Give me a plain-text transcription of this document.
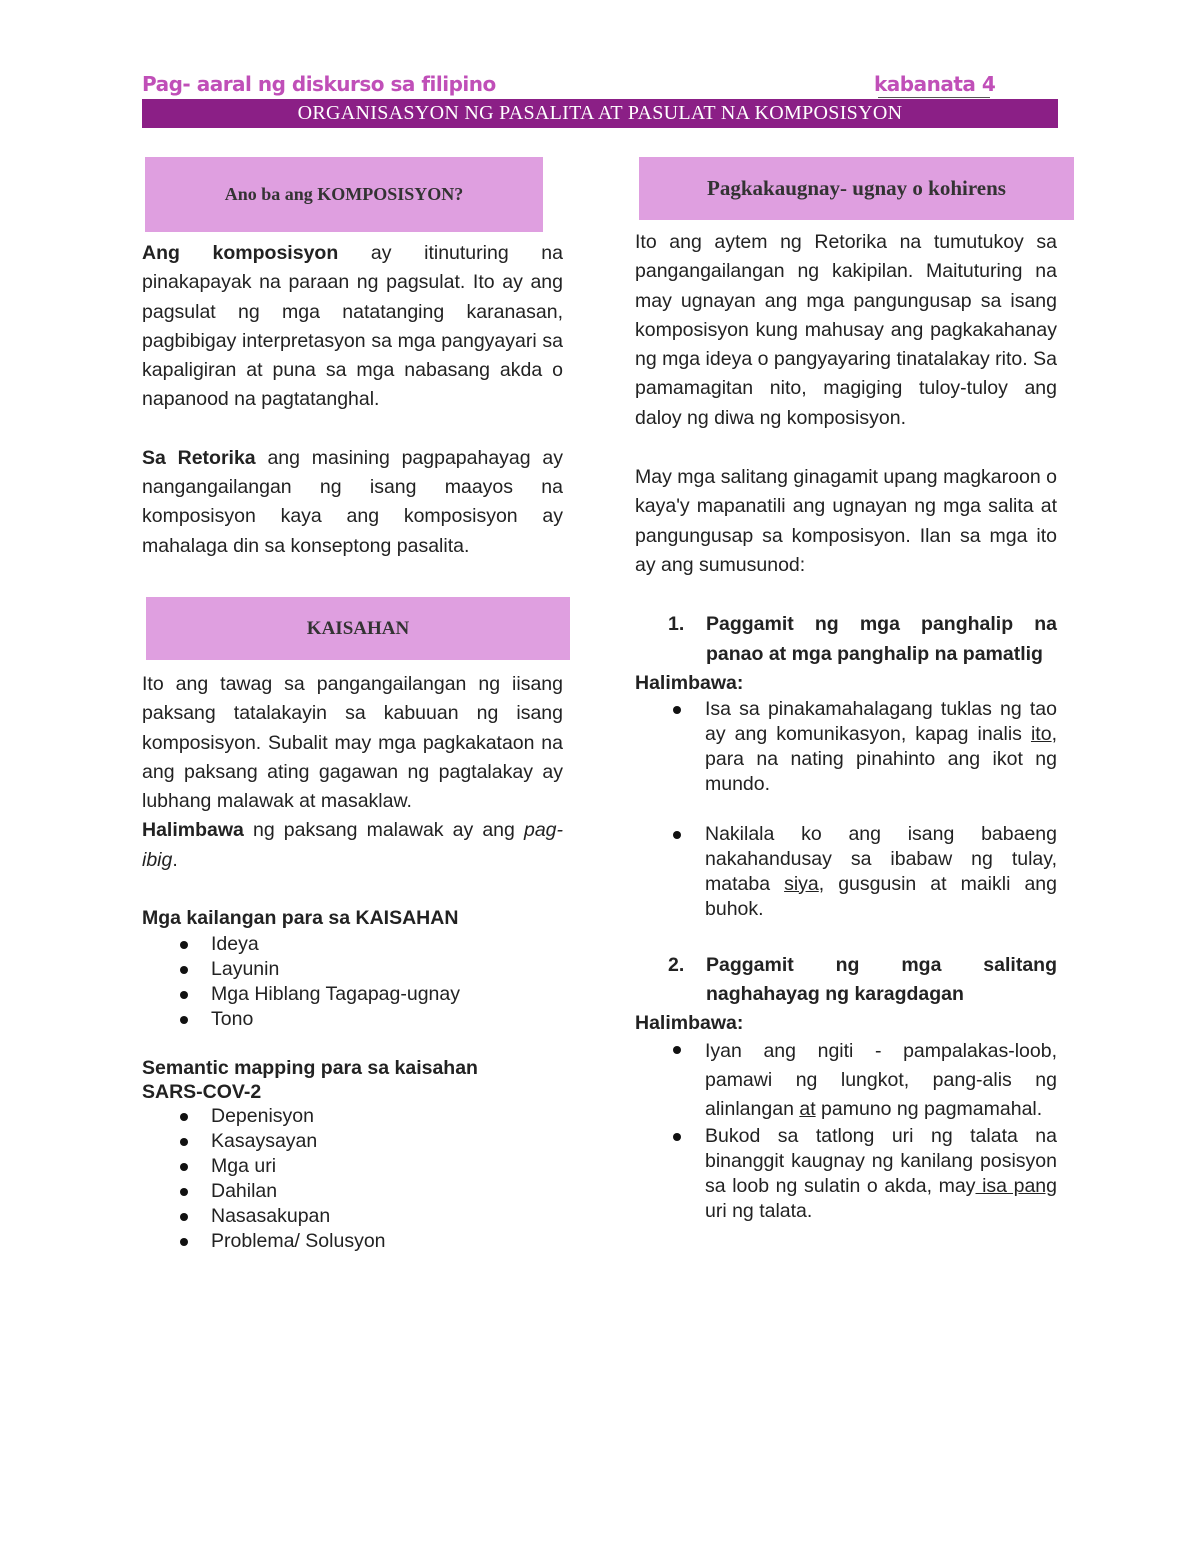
Pag- aaral ng diskurso sa filipino	kabanata 4
ORGANISASYON NG PASALITA AT PASULAT NA KOMPOSISYON
Ano ba ang KOMPOSISYON?

Ang komposisyon ay itinuturing na pinakapayak na paraan ng pagsulat. Ito ay ang pagsulat ng mga natatanging karanasan, pagbibigay interpretasyon sa mga pangyayari sa kapaligiran at puna sa mga nabasang akda o napanood na pagtatanghal.

Sa Retorika ang masining pagpapahayag ay nangangailangan ng isang maayos na komposisyon kaya ang komposisyon ay mahalaga din sa konseptong pasalita.

KAISAHAN

Ito ang tawag sa pangangailangan ng iisang paksang tatalakayin sa kabuuan ng isang komposisyon. Subalit may mga pagkakataon na ang paksang ating gagawan ng pagtalakay ay lubhang malawak at masaklaw.

Halimbawa ng paksang malawak ay ang pag-ibig.

Mga kailangan para sa KAISAHAN
Ideya
Layunin
Mga Hiblang Tagapag-ugnay
Tono
Semantic mapping para sa kaisahan
SARS-COV-2
Depenisyon
Kasaysayan
Mga uri
Dahilan
Nasasakupan
Problema/ Solusyon
Pagkakaugnay- ugnay o kohirens

Ito ang aytem ng Retorika na tumutukoy sa pangangailangan ng kakipilan. Maituturing na may ugnayan ang mga pangungusap sa isang komposisyon kung mahusay ang pagkakahanay ng mga ideya o pangyayaring tinatalakay rito. Sa pamamagitan nito, magiging tuloy-tuloy ang daloy ng diwa ng komposisyon.

May mga salitang ginagamit upang magkaroon o kaya'y mapanatili ang ugnayan ng mga salita at pangungusap sa komposisyon. Ilan sa mga ito ay ang sumusunod:

1. Paggamit ng mga panghalip na panao at mga panghalip na pamatlig
Halimbawa:
Isa sa pinakamahalagang tuklas ng tao ay ang komunikasyon, kapag inalis ito, para na nating pinahinto ang ikot ng mundo.
Nakilala ko ang isang babaeng nakahandusay sa ibabaw ng tulay, mataba siya, gusgusin at maikli ang buhok.
2. Paggamit ng mga salitang naghahayag ng karagdagan
Halimbawa:
Iyan ang ngiti - pampalakas-loob, pamawi ng lungkot, pang-alis ng alinlangan at pamuno ng pagmamahal.
Bukod sa tatlong uri ng talata na binanggit kaugnay ng kanilang posisyon sa loob ng sulatin o akda, may isa pang uri ng talata.
